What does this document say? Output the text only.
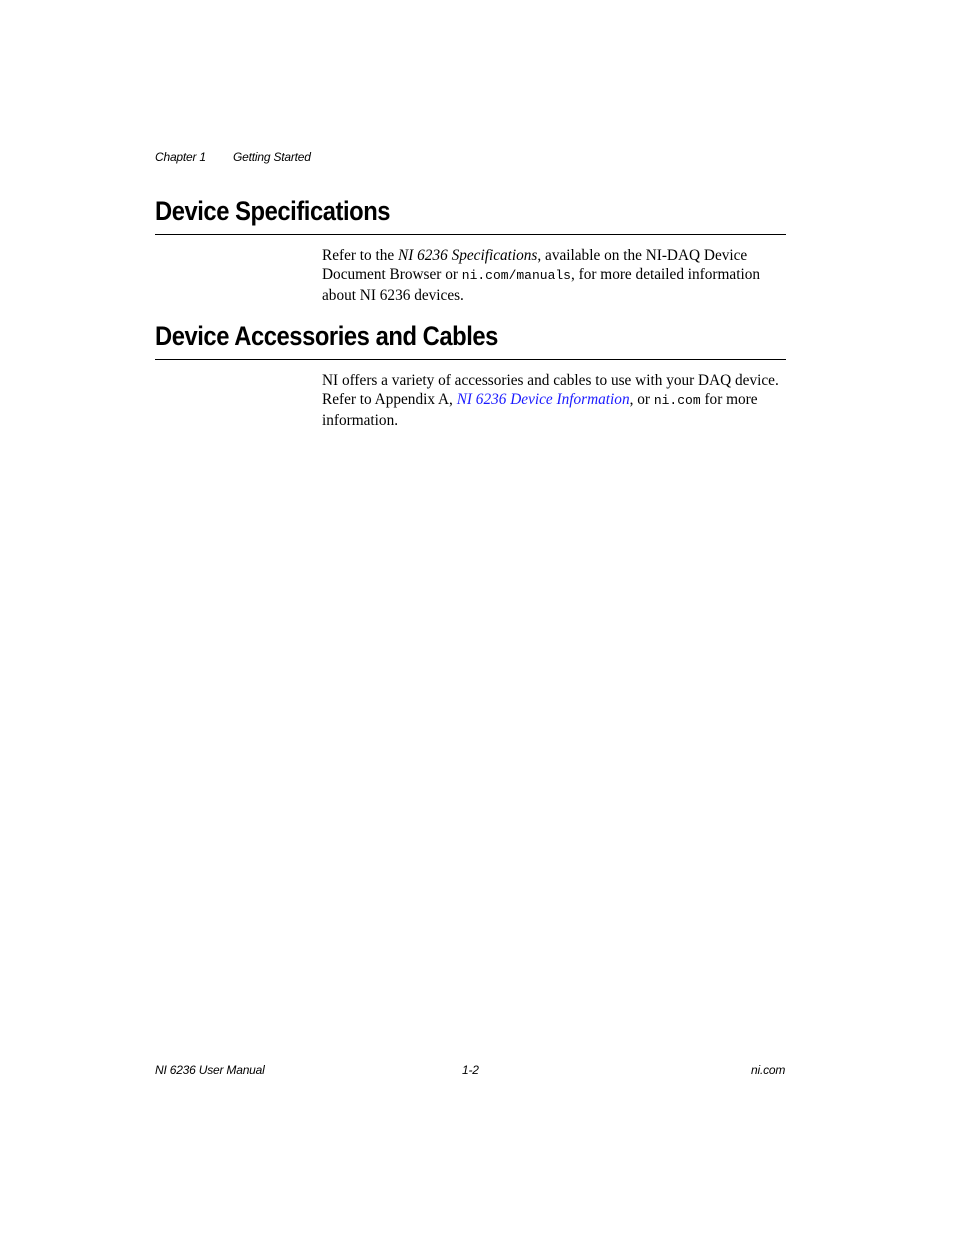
Chapter 1 Getting Started
Device Specifications

Refer to the NI 6236 Specifications, available on the NI-DAQ Device Document Browser or ni.com/manuals, for more detailed information about NI 6236 devices.

Device Accessories and Cables

NI offers a variety of accessories and cables to use with your DAQ device. Refer to Appendix A, NI 6236 Device Information, or ni.com for more information.

NI 6236 User Manual	1-2	ni.com
